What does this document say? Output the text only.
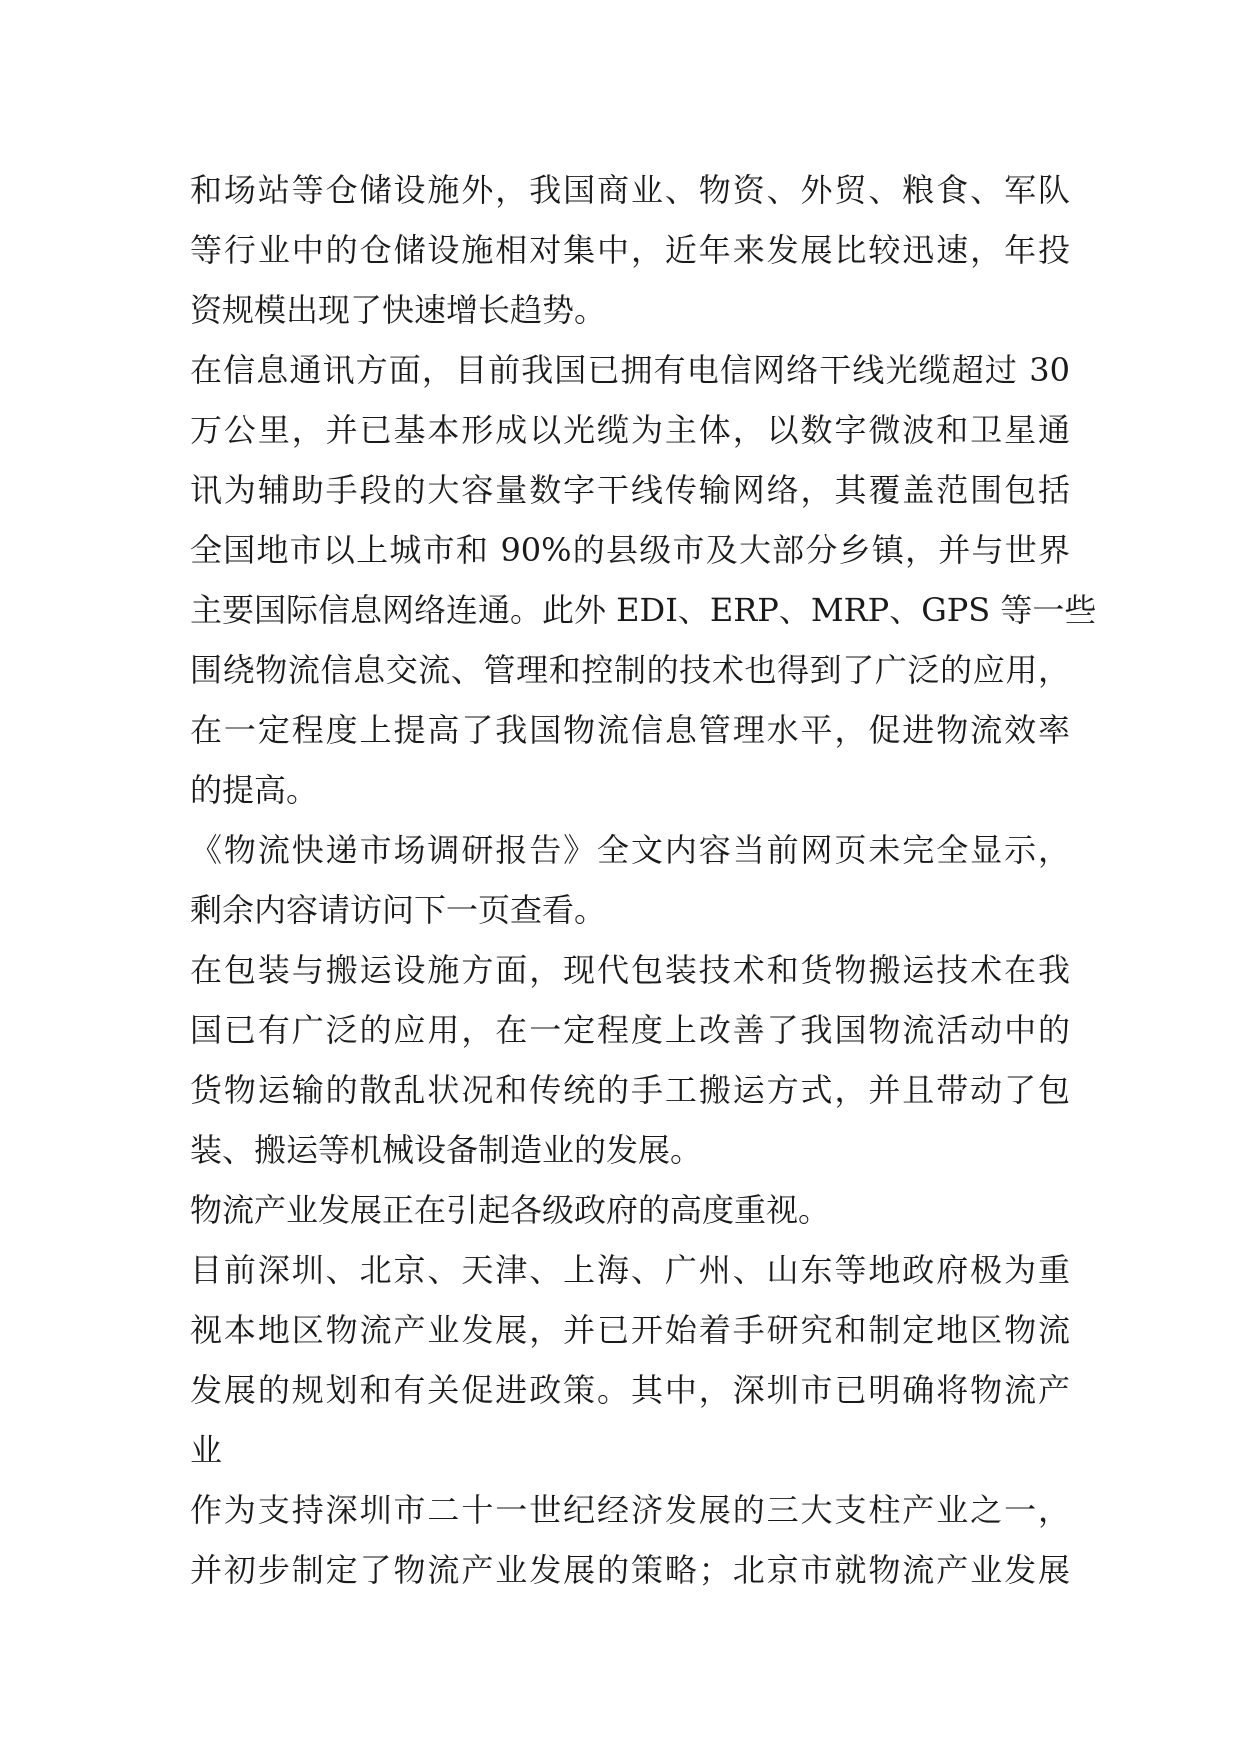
和场站等仓储设施外，我国商业、物资、外贸、粮食、军队
等行业中的仓储设施相对集中，近年来发展比较迅速，年投
资规模出现了快速增长趋势。
在信息通讯方面，目前我国已拥有电信网络干线光缆超过 30
万公里，并已基本形成以光缆为主体，以数字微波和卫星通
讯为辅助手段的大容量数字干线传输网络，其覆盖范围包括
全国地市以上城市和 90%的县级市及大部分乡镇，并与世界
主要国际信息网络连通。此外 EDI、ERP、MRP、GPS 等一些
围绕物流信息交流、管理和控制的技术也得到了广泛的应用，
在一定程度上提高了我国物流信息管理水平，促进物流效率
的提高。
《物流快递市场调研报告》全文内容当前网页未完全显示，
剩余内容请访问下一页查看。
在包装与搬运设施方面，现代包装技术和货物搬运技术在我
国已有广泛的应用，在一定程度上改善了我国物流活动中的
货物运输的散乱状况和传统的手工搬运方式，并且带动了包
装、搬运等机械设备制造业的发展。
物流产业发展正在引起各级政府的高度重视。
目前深圳、北京、天津、上海、广州、山东等地政府极为重
视本地区物流产业发展，并已开始着手研究和制定地区物流
发展的规划和有关促进政策。其中，深圳市已明确将物流产
业
作为支持深圳市二十一世纪经济发展的三大支柱产业之一，
并初步制定了物流产业发展的策略；北京市就物流产业发展
